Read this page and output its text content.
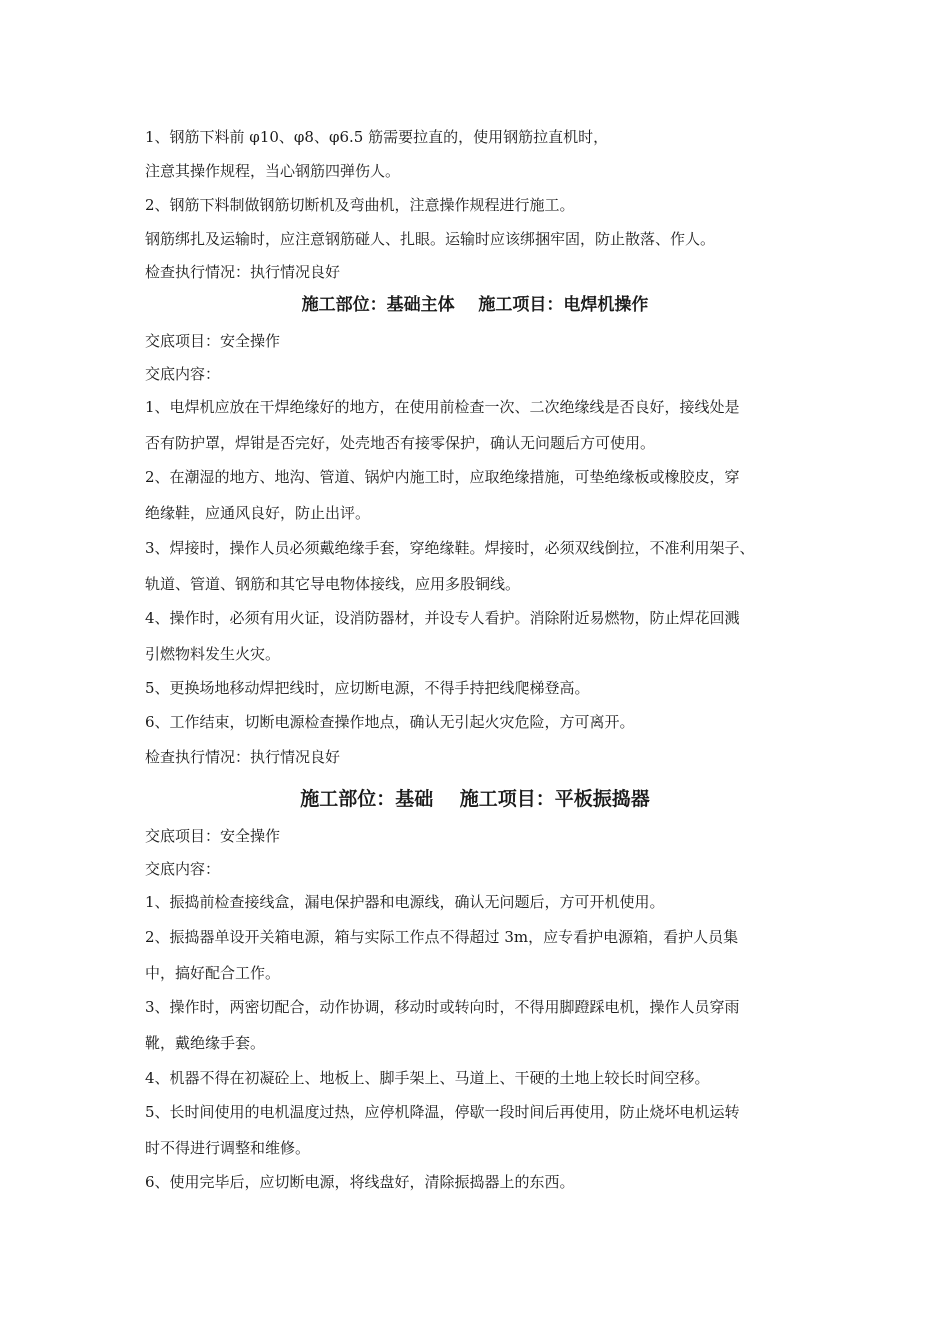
1、钢筋下料前 φ10、φ8、φ6.5 筋需要拉直的，使用钢筋拉直机时，
注意其操作规程，当心钢筋四弹伤人。
2、钢筋下料制做钢筋切断机及弯曲机，注意操作规程进行施工。
钢筋绑扎及运输时，应注意钢筋碰人、扎眼。运输时应该绑捆牢固，防止散落、作人。
检查执行情况：执行情况良好
施工部位：基础主体    施工项目：电焊机操作
交底项目：安全操作
交底内容：
1、电焊机应放在干焊绝缘好的地方，在使用前检查一次、二次绝缘线是否良好，接线处是
否有防护罩，焊钳是否完好，处壳地否有接零保护，确认无问题后方可使用。
2、在潮湿的地方、地沟、管道、锅炉内施工时，应取绝缘措施，可垫绝缘板或橡胶皮，穿
绝缘鞋，应通风良好，防止出评。
3、焊接时，操作人员必须戴绝缘手套，穿绝缘鞋。焊接时，必须双线倒拉，不准利用架子、
轨道、管道、钢筋和其它导电物体接线，应用多股铜线。
4、操作时，必须有用火证，设消防器材，并设专人看护。消除附近易燃物，防止焊花回溅
引燃物料发生火灾。
5、更换场地移动焊把线时，应切断电源，不得手持把线爬梯登高。
6、工作结束，切断电源检查操作地点，确认无引起火灾危险，方可离开。
检查执行情况：执行情况良好
施工部位：基础    施工项目：平板振捣器
交底项目：安全操作
交底内容：
1、振捣前检查接线盒，漏电保护器和电源线，确认无问题后，方可开机使用。
2、振捣器单设开关箱电源，箱与实际工作点不得超过 3m，应专看护电源箱，看护人员集
中，搞好配合工作。
3、操作时，两密切配合，动作协调，移动时或转向时，不得用脚蹬踩电机，操作人员穿雨
靴，戴绝缘手套。
4、机器不得在初凝砼上、地板上、脚手架上、马道上、干硬的土地上较长时间空移。
5、长时间使用的电机温度过热，应停机降温，停歇一段时间后再使用，防止烧坏电机运转
时不得进行调整和维修。
6、使用完毕后，应切断电源，将线盘好，清除振捣器上的东西。
